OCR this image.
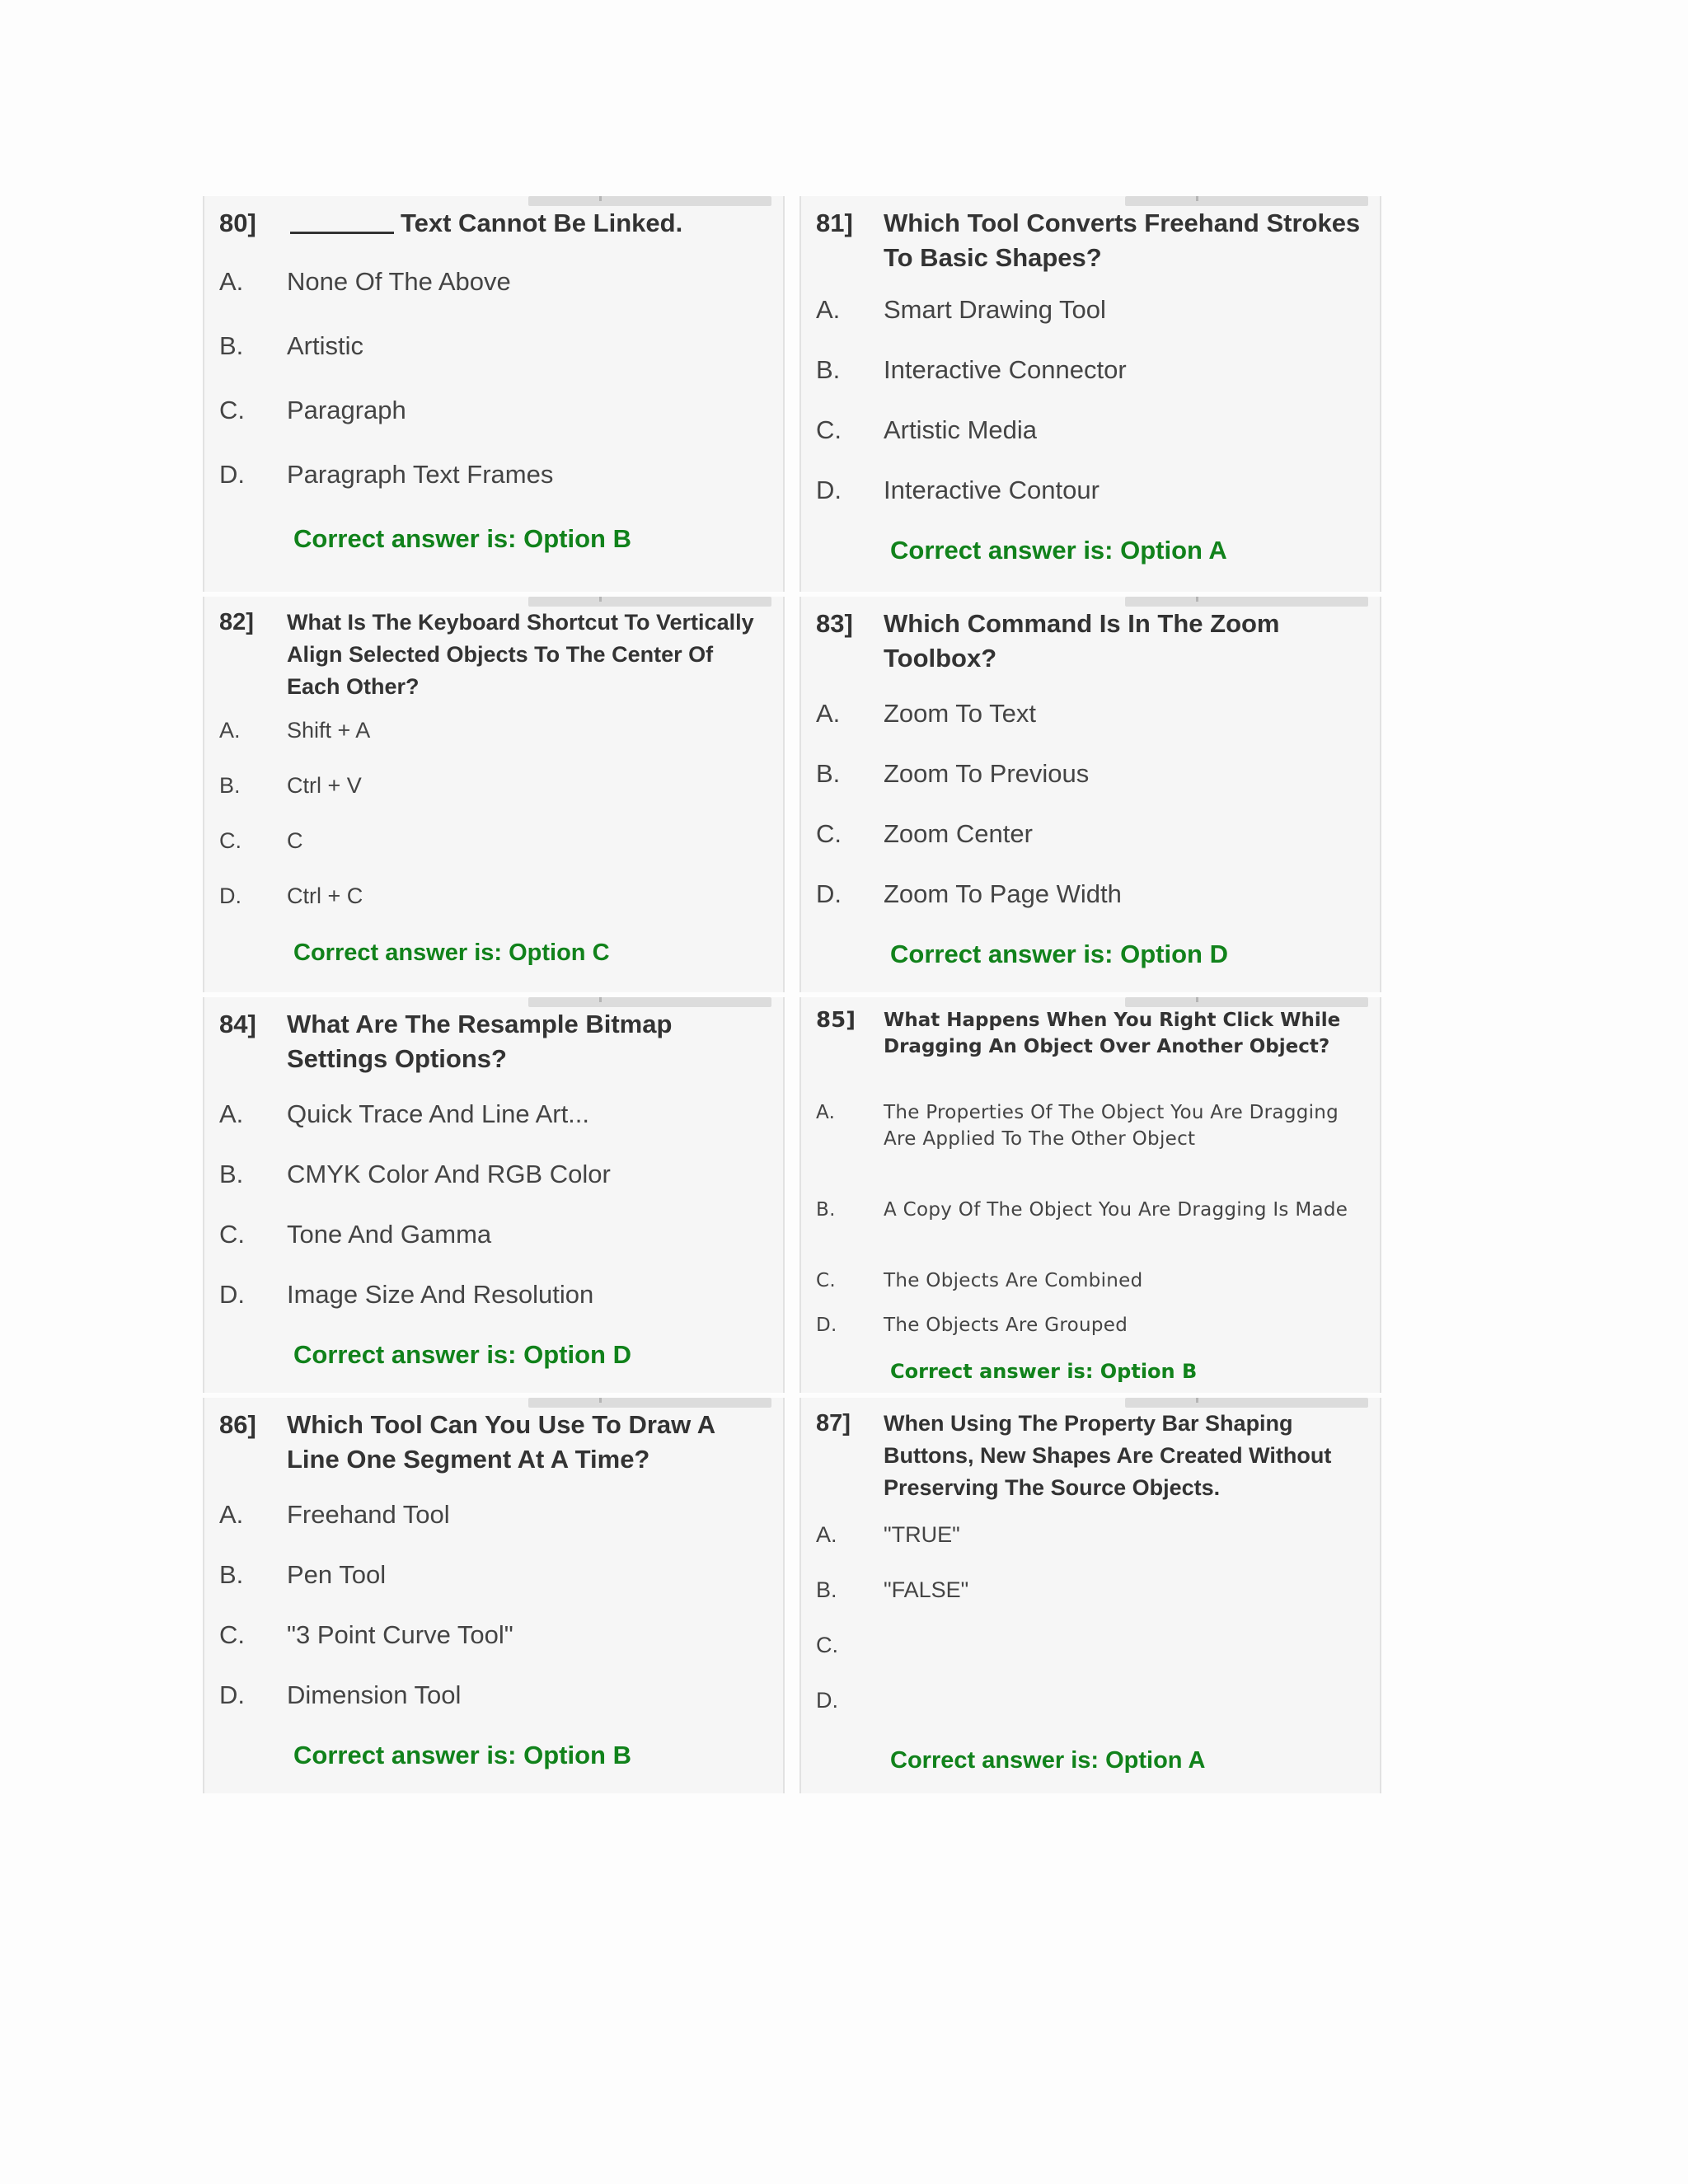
80]	Text Cannot Be Linked.
A.	None Of The Above
B.	Artistic
C.	Paragraph
D.	Paragraph Text Frames
Correct answer is: Option B
81]	Which Tool Converts Freehand Strokes To Basic Shapes?
A.	Smart Drawing Tool
B.	Interactive Connector
C.	Artistic Media
D.	Interactive Contour
Correct answer is: Option A
82]	What Is The Keyboard Shortcut To Vertically Align Selected Objects To The Center Of Each Other?
A.	Shift + A
B.	Ctrl + V
C.	C
D.	Ctrl + C
Correct answer is: Option C
83]	Which Command Is In The Zoom Toolbox?
A.	Zoom To Text
B.	Zoom To Previous
C.	Zoom Center
D.	Zoom To Page Width
Correct answer is: Option D
84]	What Are The Resample Bitmap Settings Options?
A.	Quick Trace And Line Art...
B.	CMYK Color And RGB Color
C.	Tone And Gamma
D.	Image Size And Resolution
Correct answer is: Option D
85]	What Happens When You Right Click While Dragging An Object Over Another Object?
A.	The Properties Of The Object You Are Dragging Are Applied To The Other Object
B.	A Copy Of The Object You Are Dragging Is Made
C.	The Objects Are Combined
D.	The Objects Are Grouped
Correct answer is: Option B
86]	Which Tool Can You Use To Draw A Line One Segment At A Time?
A.	Freehand Tool
B.	Pen Tool
C.	"3 Point Curve Tool"
D.	Dimension Tool
Correct answer is: Option B
87]	When Using The Property Bar Shaping Buttons, New Shapes Are Created Without Preserving The Source Objects.
A.	"TRUE"
B.	"FALSE"
C.
D.
Correct answer is: Option A
